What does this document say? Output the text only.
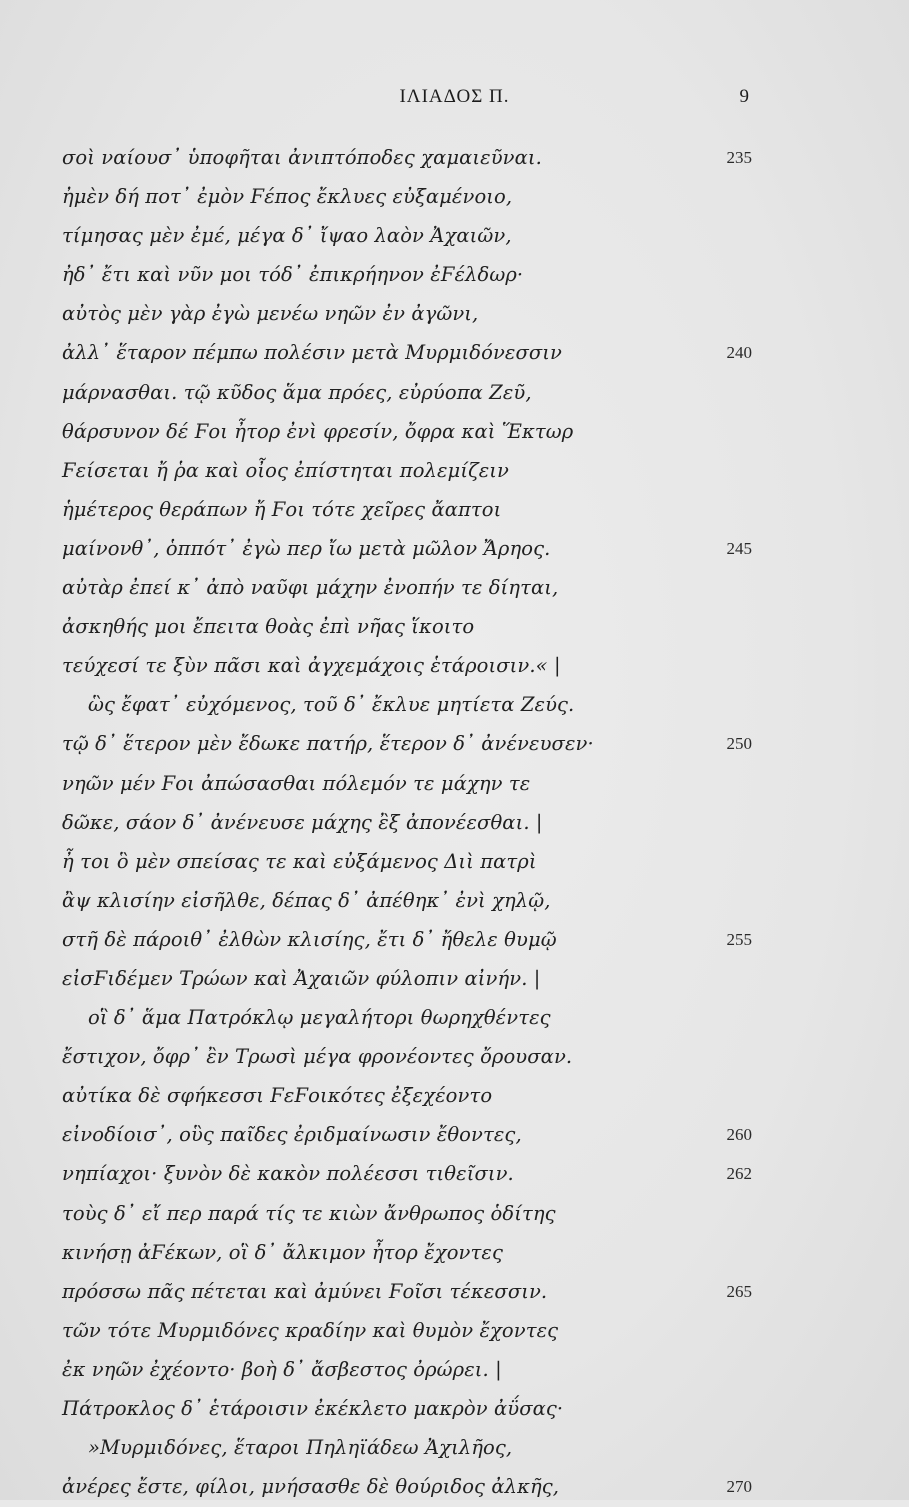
ΙΛΙΑΔΟΣ Π.	9
σοὶ ναίουσ᾽ ὑποφῆται ἀνιπτόποδες χαμαιεῦναι.	235
ἠμὲν δή ποτ᾽ ἐμὸν Ϝέπος ἔκλυες εὐξαμένοιο,
τίμησας μὲν ἐμέ, μέγα δ᾽ ἴψαο λαὸν Ἀχαιῶν,
ἠδ᾽ ἔτι καὶ νῦν μοι τόδ᾽ ἐπικρήηνον ἐϜέλδωρ·
αὐτὸς μὲν γὰρ ἐγὼ μενέω νηῶν ἐν ἀγῶνι,
ἀλλ᾽ ἕταρον πέμπω πολέσιν μετὰ Μυρμιδόνεσσιν	240
μάρνασθαι. τῷ κῦδος ἅμα πρόες, εὐρύοπα Ζεῦ,
θάρσυνον δέ Ϝοι ἦτορ ἐνὶ φρεσίν, ὄφρα καὶ Ἕκτωρ
Ϝείσεται ἤ ῥα καὶ οἶος ἐπίστηται πολεμίζειν
ἡμέτερος θεράπων ἤ Ϝοι τότε χεῖρες ἄαπτοι
μαίνονθ᾽, ὁππότ᾽ ἐγὼ περ ἴω μετὰ μῶλον Ἄρηος.	245
αὐτὰρ ἐπεί κ᾽ ἀπὸ ναῦφι μάχην ἐνοπήν τε δίηται,
ἀσκηθής μοι ἔπειτα θοὰς ἐπὶ νῆας ἵκοιτο
τεύχεσί τε ξὺν πᾶσι καὶ ἀγχεμάχοις ἑτάροισιν.« |
ὣς ἔφατ᾽ εὐχόμενος, τοῦ δ᾽ ἔκλυε μητίετα Ζεύς.
τῷ δ᾽ ἕτερον μὲν ἔδωκε πατήρ, ἕτερον δ᾽ ἀνένευσεν·	250
νηῶν μέν Ϝοι ἀπώσασθαι πόλεμόν τε μάχην τε
δῶκε, σάον δ᾽ ἀνένευσε μάχης ἒξ ἀπονέεσθαι. |
ἦ τοι ὃ μὲν σπείσας τε καὶ εὐξάμενος Διὶ πατρὶ
ἂψ κλισίην εἰσῆλθε, δέπας δ᾽ ἀπέθηκ᾽ ἐνὶ χηλῷ,
στῆ δὲ πάροιθ᾽ ἐλθὼν κλισίης, ἔτι δ᾽ ἤθελε θυμῷ	255
εἰσϜιδέμεν Τρώων καὶ Ἀχαιῶν φύλοπιν αἰνήν. |
οἳ δ᾽ ἅμα Πατρόκλῳ μεγαλήτορι θωρηχθέντες
ἔστιχον, ὄφρ᾽ ἒν Τρωσὶ μέγα φρονέοντες ὄρουσαν.
αὐτίκα δὲ σφήκεσσι ϜεϜοικότες ἐξεχέοντο
εἰνοδίοισ᾽, οὓς παῖδες ἐριδμαίνωσιν ἔθοντες,	260
νηπίαχοι· ξυνὸν δὲ κακὸν πολέεσσι τιθεῖσιν.	262
τοὺς δ᾽ εἴ περ παρά τίς τε κιὼν ἄνθρωπος ὁδίτης
κινήσῃ ἀϜέκων, οἳ δ᾽ ἄλκιμον ἦτορ ἔχοντες
πρόσσω πᾶς πέτεται καὶ ἀμύνει Ϝοῖσι τέκεσσιν.	265
τῶν τότε Μυρμιδόνες κραδίην καὶ θυμὸν ἔχοντες
ἐκ νηῶν ἐχέοντο· βοὴ δ᾽ ἄσβεστος ὀρώρει. |
Πάτροκλος δ᾽ ἑτάροισιν ἐκέκλετο μακρὸν ἀΰσας·
»Μυρμιδόνες, ἕταροι Πηληϊάδεω Ἀχιλῆος,
ἀνέρες ἔστε, φίλοι, μνήσασθε δὲ θούριδος ἀλκῆς,	270
